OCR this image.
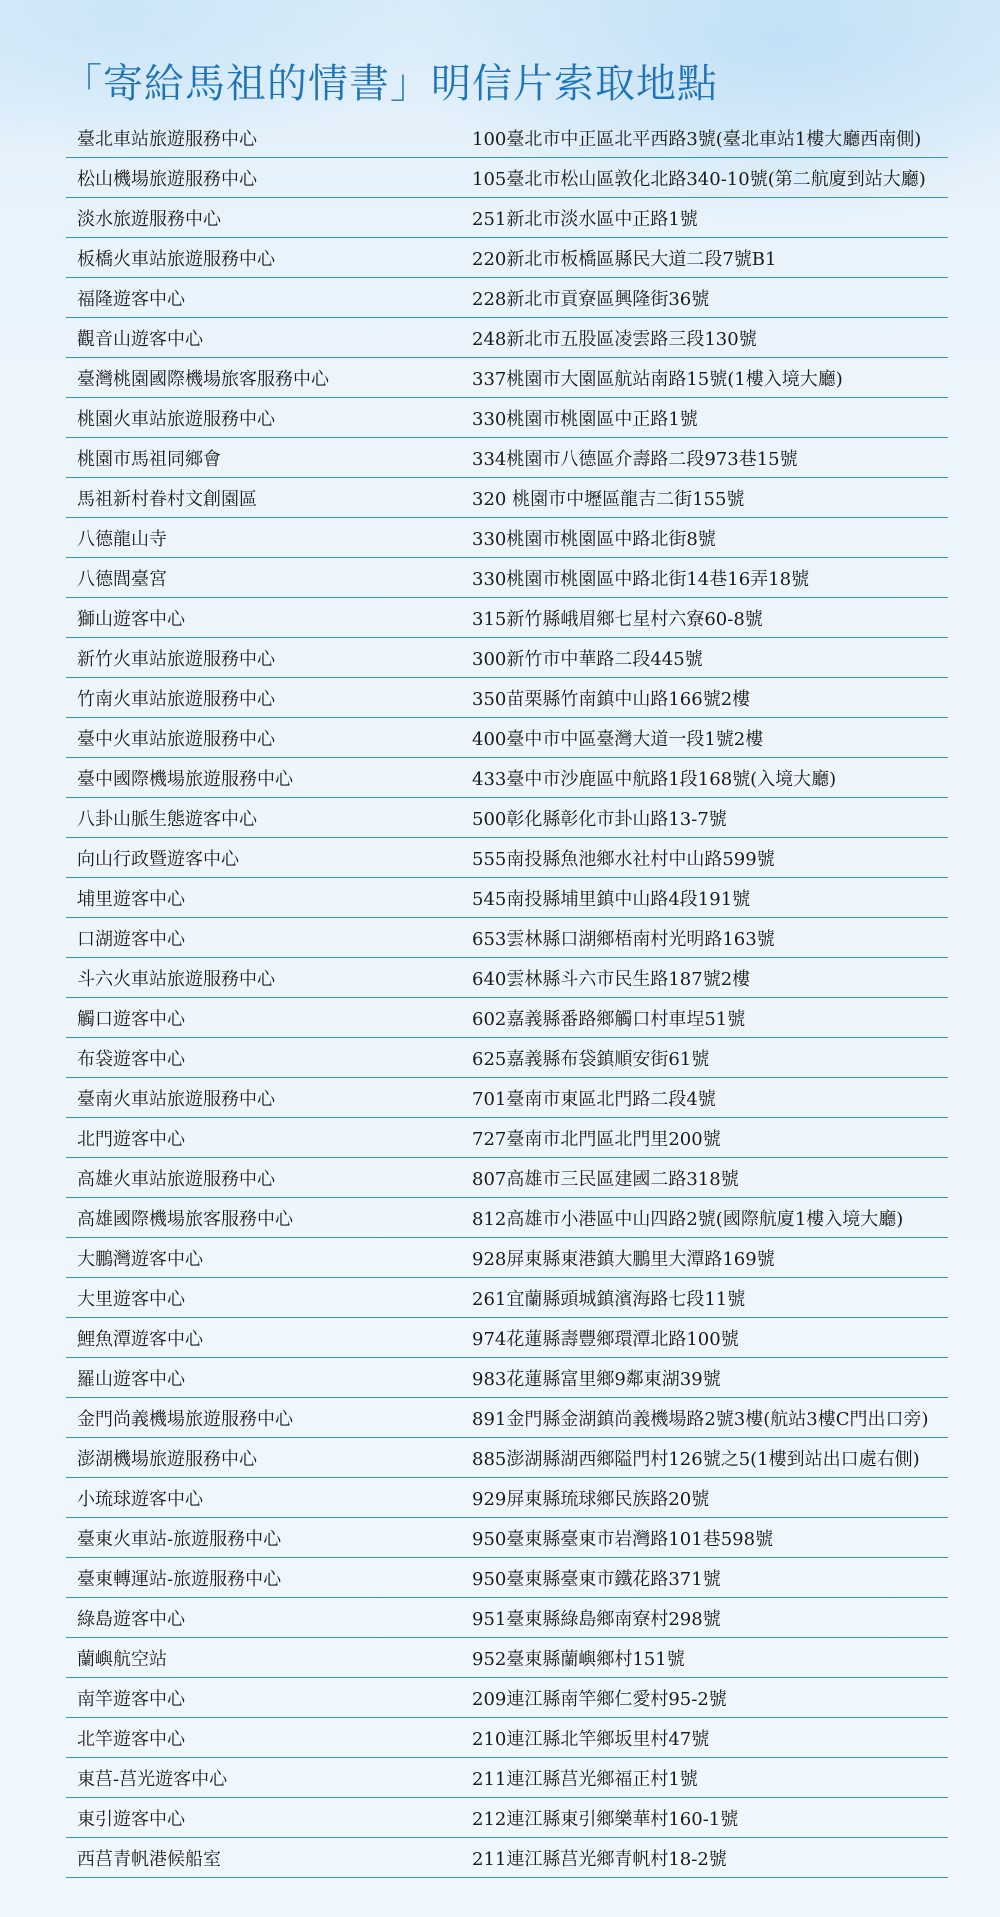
「寄給馬祖的情書」明信片索取地點
臺北車站旅遊服務中心	100臺北市中正區北平西路3號(臺北車站1樓大廳西南側)
松山機場旅遊服務中心	105臺北市松山區敦化北路340-10號(第二航廈到站大廳)
淡水旅遊服務中心	251新北市淡水區中正路1號
板橋火車站旅遊服務中心	220新北市板橋區縣民大道二段7號B1
福隆遊客中心	228新北市貢寮區興隆街36號
觀音山遊客中心	248新北市五股區凌雲路三段130號
臺灣桃園國際機場旅客服務中心	337桃園市大園區航站南路15號(1樓入境大廳)
桃園火車站旅遊服務中心	330桃園市桃園區中正路1號
桃園市馬祖同鄉會	334桃園市八德區介壽路二段973巷15號
馬祖新村眷村文創園區	320 桃園市中壢區龍吉二街155號
八德龍山寺	330桃園市桃園區中路北街8號
八德閭臺宮	330桃園市桃園區中路北街14巷16弄18號
獅山遊客中心	315新竹縣峨眉鄉七星村六寮60-8號
新竹火車站旅遊服務中心	300新竹市中華路二段445號
竹南火車站旅遊服務中心	350苗栗縣竹南鎮中山路166號2樓
臺中火車站旅遊服務中心	400臺中市中區臺灣大道一段1號2樓
臺中國際機場旅遊服務中心	433臺中市沙鹿區中航路1段168號(入境大廳)
八卦山脈生態遊客中心	500彰化縣彰化市卦山路13-7號
向山行政暨遊客中心	555南投縣魚池鄉水社村中山路599號
埔里遊客中心	545南投縣埔里鎮中山路4段191號
口湖遊客中心	653雲林縣口湖鄉梧南村光明路163號
斗六火車站旅遊服務中心	640雲林縣斗六市民生路187號2樓
觸口遊客中心	602嘉義縣番路鄉觸口村車埕51號
布袋遊客中心	625嘉義縣布袋鎮順安街61號
臺南火車站旅遊服務中心	701臺南市東區北門路二段4號
北門遊客中心	727臺南市北門區北門里200號
高雄火車站旅遊服務中心	807高雄市三民區建國二路318號
高雄國際機場旅客服務中心	812高雄市小港區中山四路2號(國際航廈1樓入境大廳)
大鵬灣遊客中心	928屏東縣東港鎮大鵬里大潭路169號
大里遊客中心	261宜蘭縣頭城鎮濱海路七段11號
鯉魚潭遊客中心	974花蓮縣壽豐鄉環潭北路100號
羅山遊客中心	983花蓮縣富里鄉9鄰東湖39號
金門尚義機場旅遊服務中心	891金門縣金湖鎮尚義機場路2號3樓(航站3樓C門出口旁)
澎湖機場旅遊服務中心	885澎湖縣湖西鄉隘門村126號之5(1樓到站出口處右側)
小琉球遊客中心	929屏東縣琉球鄉民族路20號
臺東火車站-旅遊服務中心	950臺東縣臺東市岩灣路101巷598號
臺東轉運站-旅遊服務中心	950臺東縣臺東市鐵花路371號
綠島遊客中心	951臺東縣綠島鄉南寮村298號
蘭嶼航空站	952臺東縣蘭嶼鄉村151號
南竿遊客中心	209連江縣南竿鄉仁愛村95-2號
北竿遊客中心	210連江縣北竿鄉坂里村47號
東莒-莒光遊客中心	211連江縣莒光鄉福正村1號
東引遊客中心	212連江縣東引鄉樂華村160-1號
西莒青帆港候船室	211連江縣莒光鄉青帆村18-2號
